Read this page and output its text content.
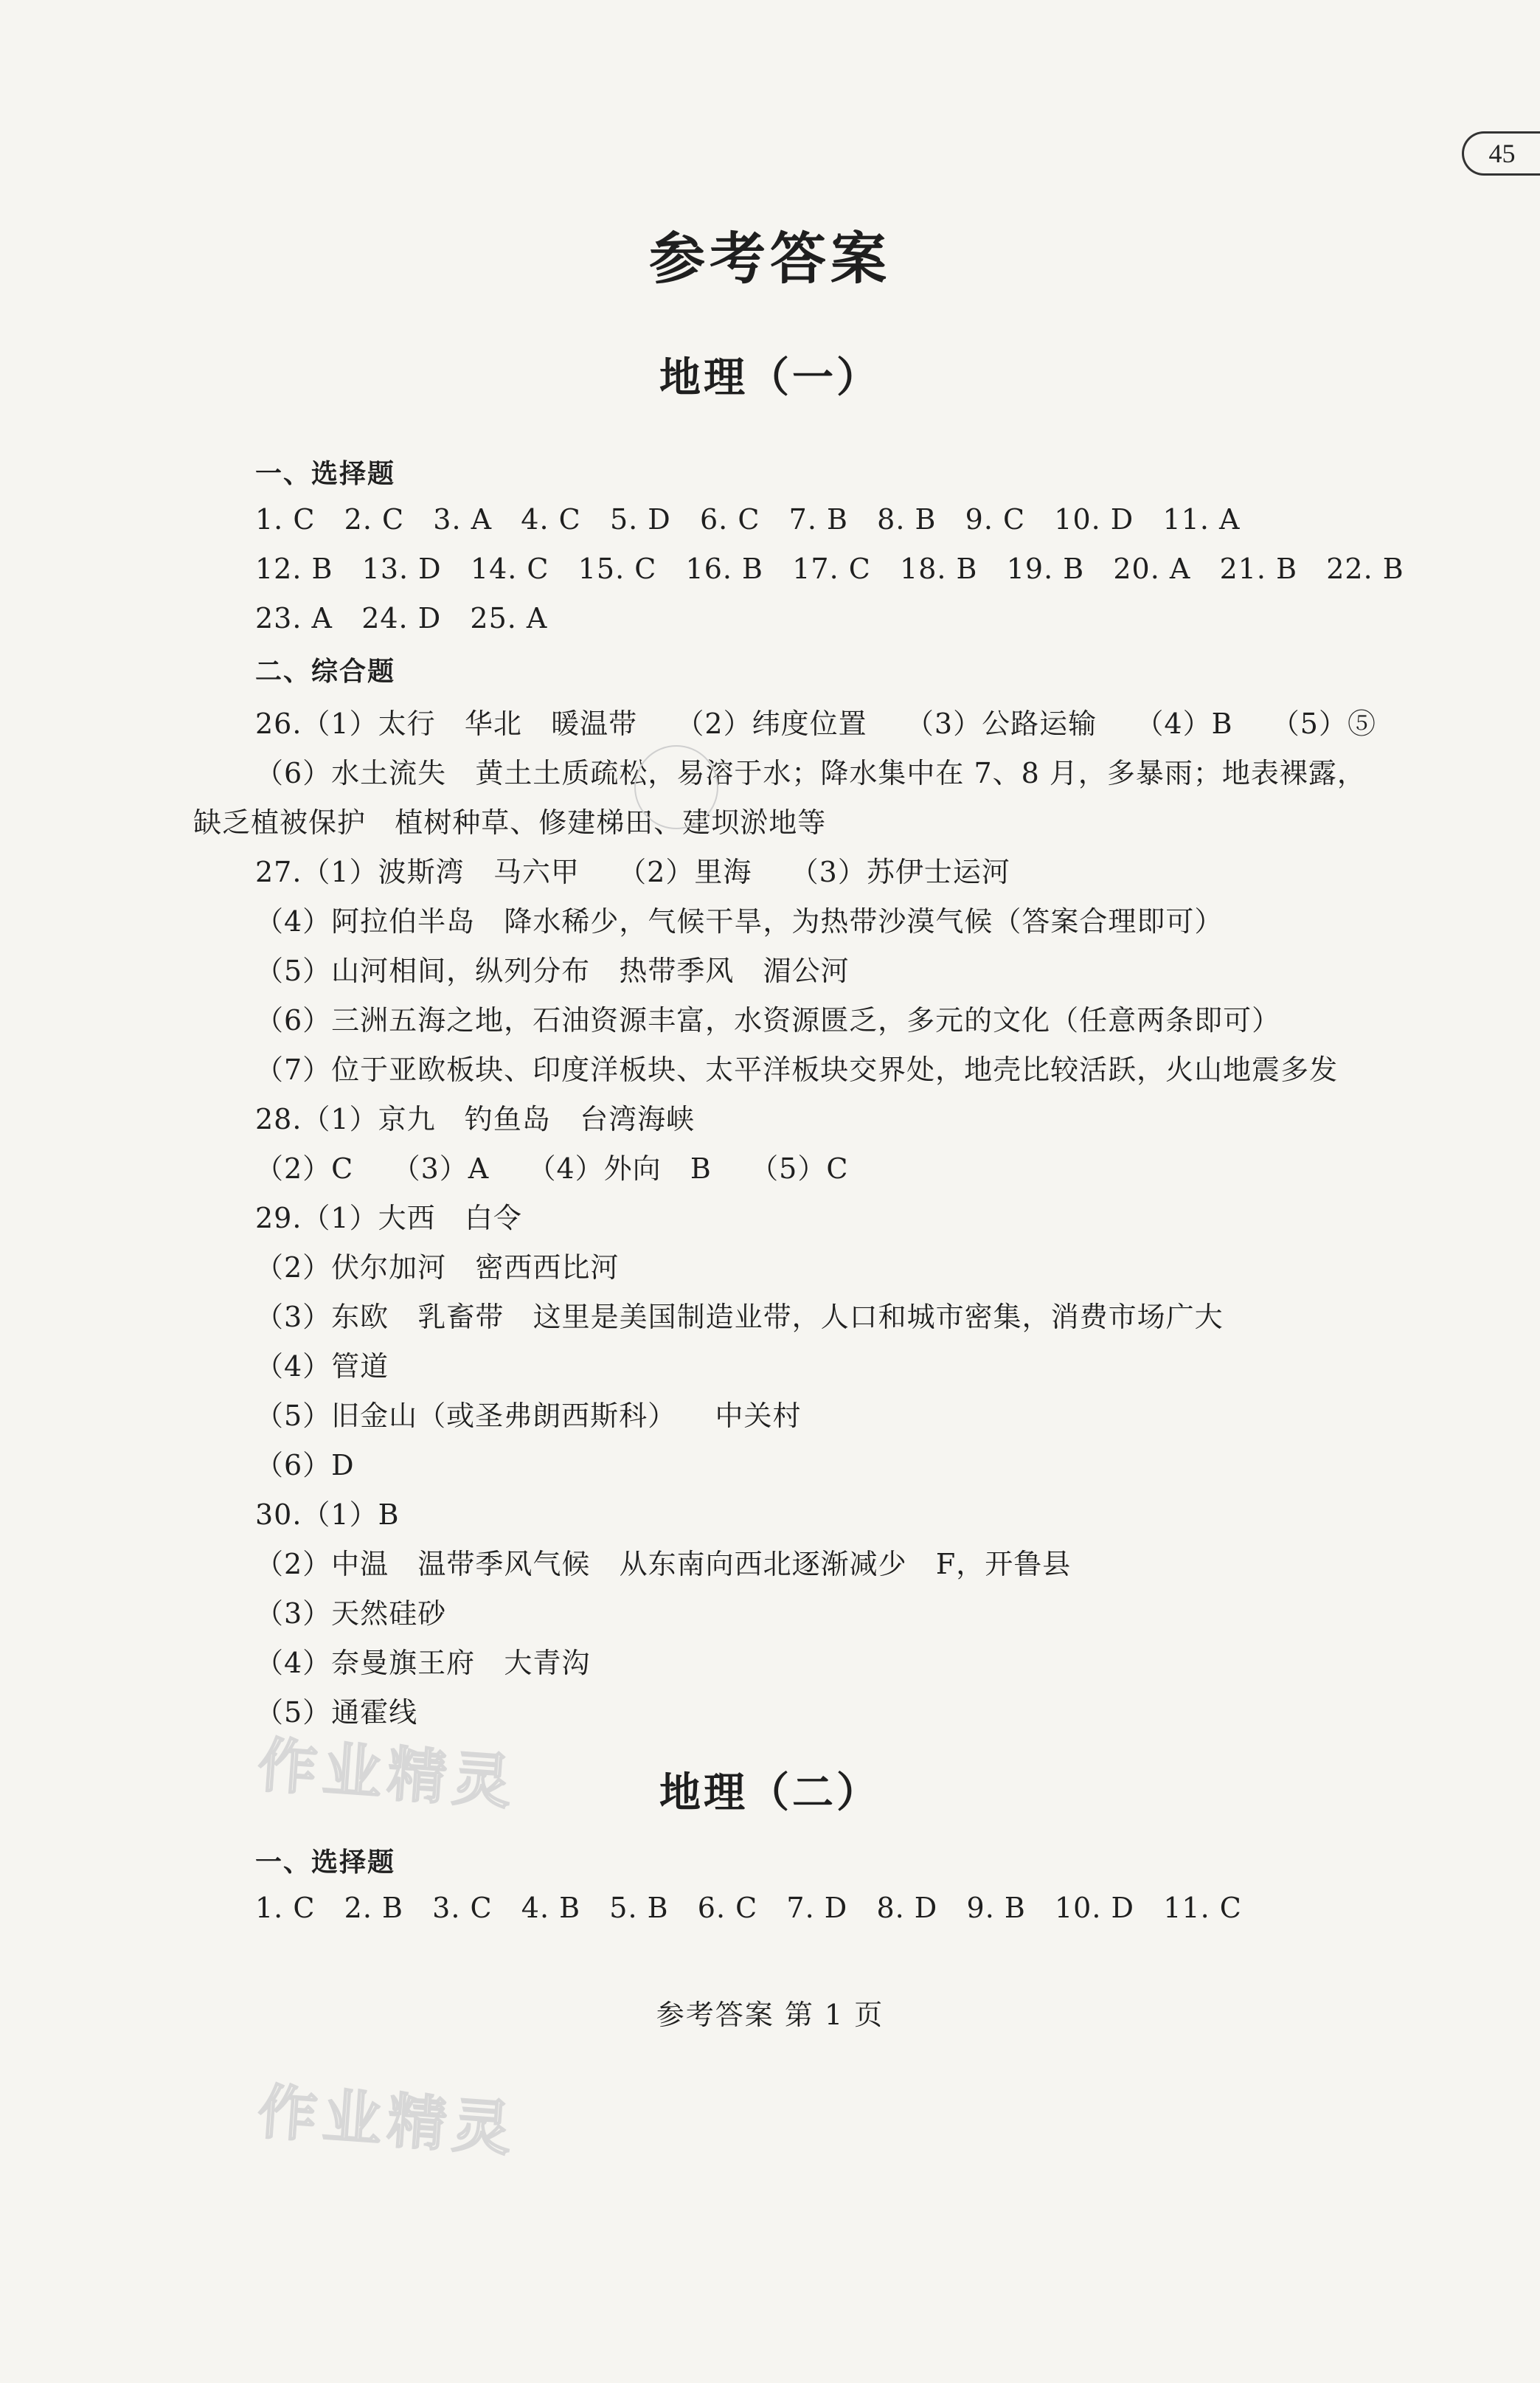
45
参考答案
地理（一）
一、选择题
1. C   2. C   3. A   4. C   5. D   6. C   7. B   8. B   9. C   10. D   11. A
12. B   13. D   14. C   15. C   16. B   17. C   18. B   19. B   20. A   21. B   22. B
23. A   24. D   25. A
二、综合题
26.（1）太行   华北   暖温带    （2）纬度位置    （3）公路运输    （4）B    （5）⑤
（6）水土流失   黄土土质疏松，易溶于水；降水集中在 7、8 月，多暴雨；地表裸露，
缺乏植被保护   植树种草、修建梯田、建坝淤地等
27.（1）波斯湾   马六甲    （2）里海    （3）苏伊士运河
（4）阿拉伯半岛   降水稀少，气候干旱，为热带沙漠气候（答案合理即可）
（5）山河相间，纵列分布   热带季风   湄公河
（6）三洲五海之地，石油资源丰富，水资源匮乏，多元的文化（任意两条即可）
（7）位于亚欧板块、印度洋板块、太平洋板块交界处，地壳比较活跃，火山地震多发
28.（1）京九   钓鱼岛   台湾海峡
（2）C    （3）A    （4）外向   B    （5）C
29.（1）大西   白令
（2）伏尔加河   密西西比河
（3）东欧   乳畜带   这里是美国制造业带，人口和城市密集，消费市场广大
（4）管道
（5）旧金山（或圣弗朗西斯科）    中关村
（6）D
30.（1）B
（2）中温   温带季风气候   从东南向西北逐渐减少   F，开鲁县
（3）天然硅砂
（4）奈曼旗王府   大青沟
（5）通霍线
地理（二）
一、选择题
1. C   2. B   3. C   4. B   5. B   6. C   7. D   8. D   9. B   10. D   11. C
参考答案 第 1 页
作业精灵
作业精灵
